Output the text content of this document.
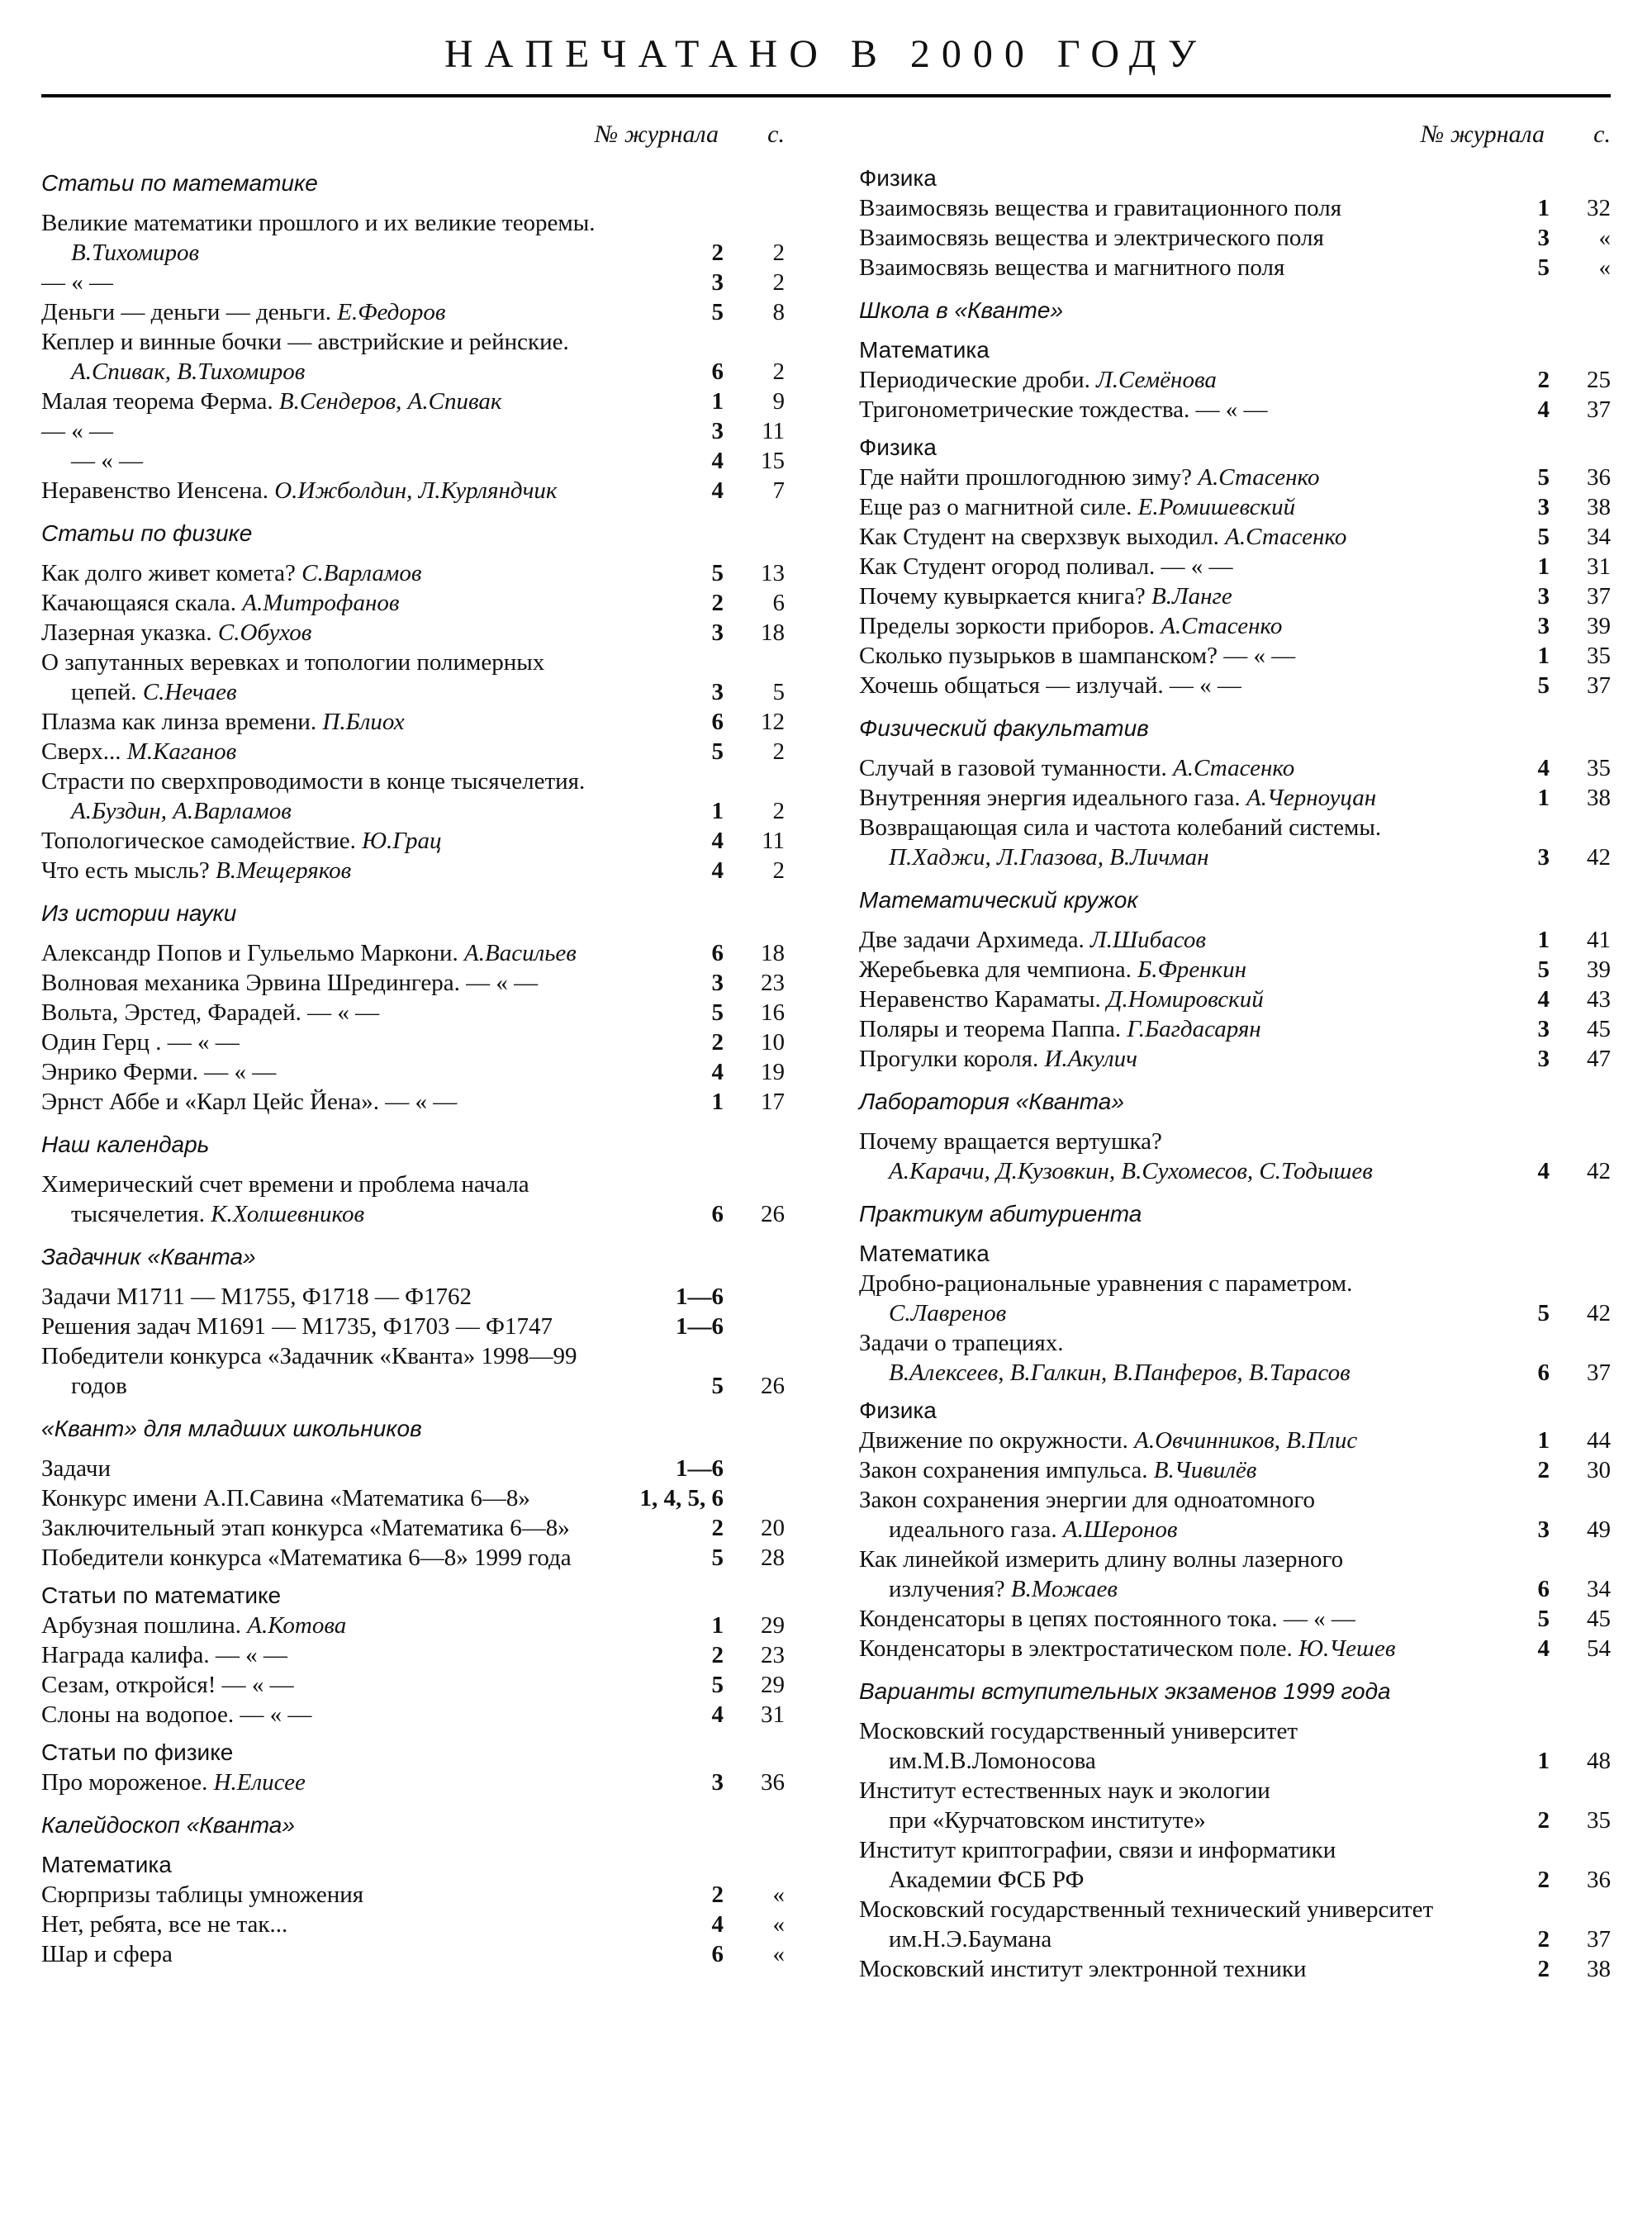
НАПЕЧАТАНО В 2000 ГОДУ
№ журнала	с.
Статьи по математике
Великие математики прошлого и их великие теоремы.
В.Тихомиров	2	2
— « —	3	2
Деньги — деньги — деньги. Е.Федоров	5	8
Кеплер и винные бочки — австрийские и рейнские.
А.Спивак, В.Тихомиров	6	2
Малая теорема Ферма. В.Сендеров, А.Спивак	1	9
— « —	3	11
— « —	4	15
Неравенство Иенсена. О.Ижболдин, Л.Курляндчик	4	7
Статьи по физике
Как долго живет комета? С.Варламов	5	13
Качающаяся скала. А.Митрофанов	2	6
Лазерная указка. С.Обухов	3	18
О запутанных веревках и топологии полимерных
цепей. С.Нечаев	3	5
Плазма как линза времени. П.Блиох	6	12
Сверх... М.Каганов	5	2
Страсти по сверхпроводимости в конце тысячелетия.
А.Буздин, А.Варламов	1	2
Топологическое самодействие. Ю.Грац	4	11
Что есть мысль? В.Мещеряков	4	2
Из истории науки
Александр Попов и Гульельмо Маркони. А.Васильев	6	18
Волновая механика Эрвина Шредингера. — « —	3	23
Вольта, Эрстед, Фарадей. — « —	5	16
Один Герц . — « —	2	10
Энрико Ферми. — « —	4	19
Эрнст Аббе и «Карл Цейс Йена». — « —	1	17
Наш календарь
Химерический счет времени и проблема начала
тысячелетия. К.Холшевников	6	26
Задачник «Кванта»
Задачи М1711 — М1755, Ф1718 — Ф1762	1—6
Решения задач М1691 — М1735, Ф1703 — Ф1747	1—6
Победители конкурса «Задачник «Кванта» 1998—99
годов	5	26
«Квант» для младших школьников
Задачи	1—6
Конкурс имени А.П.Савина «Математика 6—8»	1, 4, 5, 6
Заключительный этап конкурса «Математика 6—8»	2	20
Победители конкурса «Математика 6—8» 1999 года	5	28
Статьи по математике
Арбузная пошлина. А.Котова	1	29
Награда калифа. — « —	2	23
Сезам, откройся! — « —	5	29
Слоны на водопое. — « —	4	31
Статьи по физике
Про мороженое. Н.Елисее	3	36
Калейдоскоп «Кванта»
Математика
Сюрпризы таблицы умножения	2	«
Нет, ребята, все не так...	4	«
Шар и сфера	6	«
№ журнала	с.
Физика
Взаимосвязь вещества и гравитационного поля	1	32
Взаимосвязь вещества и электрического поля	3	«
Взаимосвязь вещества и магнитного поля	5	«
Школа в «Кванте»
Математика
Периодические дроби. Л.Семёнова	2	25
Тригонометрические тождества. — « —	4	37
Физика
Где найти прошлогоднюю зиму? А.Стасенко	5	36
Еще раз о магнитной силе. Е.Ромишевский	3	38
Как Студент на сверхзвук выходил. А.Стасенко	5	34
Как Студент огород поливал. — « —	1	31
Почему кувыркается книга? В.Ланге	3	37
Пределы зоркости приборов. А.Стасенко	3	39
Сколько пузырьков в шампанском? — « —	1	35
Хочешь общаться — излучай. — « —	5	37
Физический факультатив
Случай в газовой туманности. А.Стасенко	4	35
Внутренняя энергия идеального газа. А.Черноуцан	1	38
Возвращающая сила и частота колебаний системы.
П.Хаджи, Л.Глазова, В.Личман	3	42
Математический кружок
Две задачи Архимеда. Л.Шибасов	1	41
Жеребьевка для чемпиона. Б.Френкин	5	39
Неравенство Караматы. Д.Номировский	4	43
Поляры и теорема Паппа. Г.Багдасарян	3	45
Прогулки короля. И.Акулич	3	47
Лаборатория «Кванта»
Почему вращается вертушка?
А.Карачи, Д.Кузовкин, В.Сухомесов, С.Тодышев	4	42
Практикум абитуриента
Математика
Дробно-рациональные уравнения с параметром.
С.Лавренов	5	42
Задачи о трапециях.
В.Алексеев, В.Галкин, В.Панферов, В.Тарасов	6	37
Физика
Движение по окружности. А.Овчинников, В.Плис	1	44
Закон сохранения импульса. В.Чивилёв	2	30
Закон сохранения энергии для одноатомного
идеального газа. А.Шеронов	3	49
Как линейкой измерить длину волны лазерного
излучения? В.Можаев	6	34
Конденсаторы в цепях постоянного тока. — « —	5	45
Конденсаторы в электростатическом поле. Ю.Чешев	4	54
Варианты вступительных экзаменов 1999 года
Московский государственный университет
им.М.В.Ломоносова	1	48
Институт естественных наук и экологии
при «Курчатовском институте»	2	35
Институт криптографии, связи и информатики
Академии ФСБ РФ	2	36
Московский государственный технический университет
им.Н.Э.Баумана	2	37
Московский институт электронной техники	2	38
